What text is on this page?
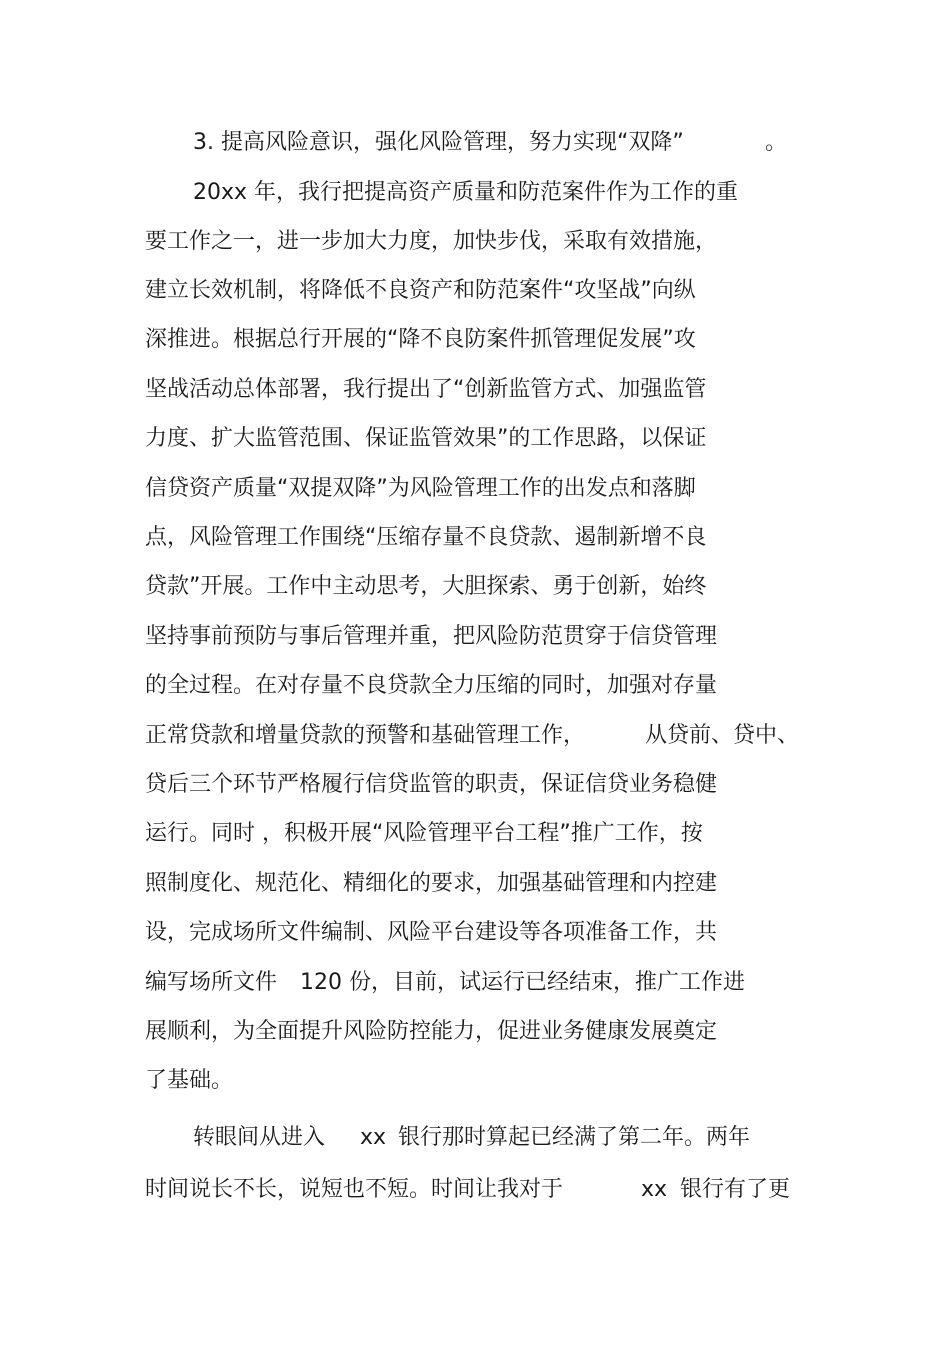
3. 提高风险意识，强化风险管理，努力实现“双降”	。
20xx 年，我行把提高资产质量和防范案件作为工作的重
要工作之一，进一步加大力度，加快步伐，采取有效措施，
建立长效机制，将降低不良资产和防范案件“攻坚战”向纵
深推进。根据总行开展的“降不良防案件抓管理促发展”攻
坚战活动总体部署，我行提出了“创新监管方式、加强监管
力度、扩大监管范围、保证监管效果”的工作思路，以保证
信贷资产质量“双提双降”为风险管理工作的出发点和落脚
点，风险管理工作围绕“压缩存量不良贷款、遏制新增不良
贷款”开展。工作中主动思考，大胆探索、勇于创新，始终
坚持事前预防与事后管理并重，把风险防范贯穿于信贷管理
的全过程。在对存量不良贷款全力压缩的同时，加强对存量
正常贷款和增量贷款的预警和基础管理工作，	从贷前、贷中、
贷后三个环节严格履行信贷监管的职责，保证信贷业务稳健
运行。同时 ，积极开展“风险管理平台工程”推广工作，按
照制度化、规范化、精细化的要求，加强基础管理和内控建
设，完成场所文件编制、风险平台建设等各项准备工作，共
编写场所文件 120 份，目前，试运行已经结束，推广工作进
展顺利，为全面提升风险防控能力，促进业务健康发展奠定
了基础。
转眼间从进入 xx 银行那时算起已经满了第二年。两年
时间说长不长，说短也不短。时间让我对于	xx 银行有了更
